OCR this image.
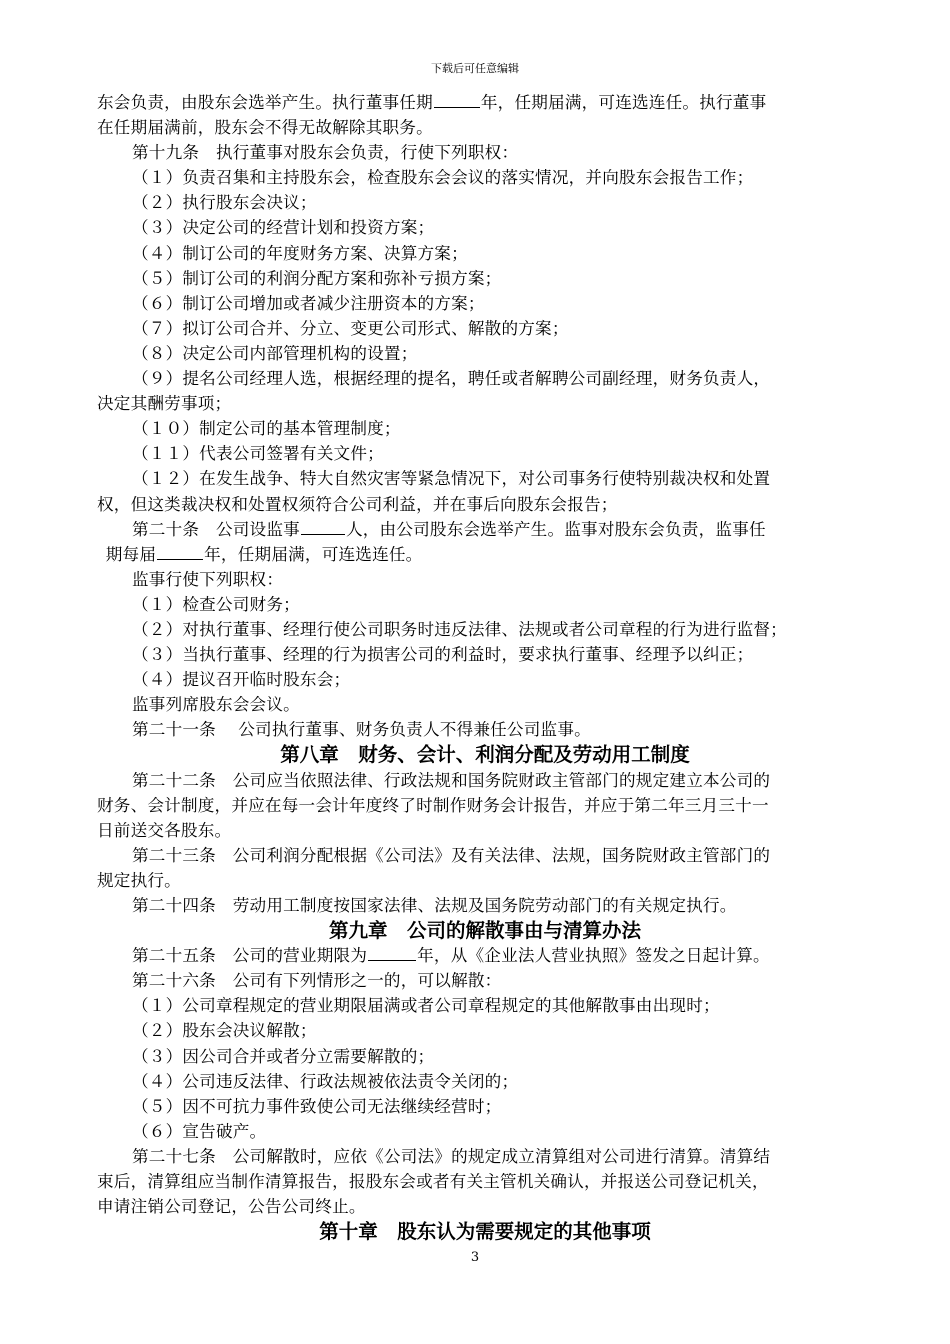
下载后可任意编辑
东会负责，由股东会选举产生。执行董事任期	年，任期届满，可连选连任。执行董事
在任期届满前，股东会不得无故解除其职务。
第十九条　执行董事对股东会负责，行使下列职权：
（１）负责召集和主持股东会，检查股东会会议的落实情况，并向股东会报告工作；
（２）执行股东会决议；
（３）决定公司的经营计划和投资方案；
（４）制订公司的年度财务方案、决算方案；
（５）制订公司的利润分配方案和弥补亏损方案；
（６）制订公司增加或者减少注册资本的方案；
（７）拟订公司合并、分立、变更公司形式、解散的方案；
（８）决定公司内部管理机构的设置；
（９）提名公司经理人选，根据经理的提名，聘任或者解聘公司副经理，财务负责人，
决定其酬劳事项；
（１０）制定公司的基本管理制度；
（１１）代表公司签署有关文件；
（１２）在发生战争、特大自然灾害等紧急情况下，对公司事务行使特别裁决权和处置
权，但这类裁决权和处置权须符合公司利益，并在事后向股东会报告；
第二十条　公司设监事	人，由公司股东会选举产生。监事对股东会负责，监事任
期每届	年，任期届满，可连选连任。
监事行使下列职权：
（１）检查公司财务；
（２）对执行董事、经理行使公司职务时违反法律、法规或者公司章程的行为进行监督；
（３）当执行董事、经理的行为损害公司的利益时，要求执行董事、经理予以纠正；
（４）提议召开临时股东会；
监事列席股东会会议。
第二十一条　 公司执行董事、财务负责人不得兼任公司监事。
第八章　财务、会计、利润分配及劳动用工制度
第二十二条　公司应当依照法律、行政法规和国务院财政主管部门的规定建立本公司的
财务、会计制度，并应在每一会计年度终了时制作财务会计报告，并应于第二年三月三十一
日前送交各股东。
第二十三条　公司利润分配根据《公司法》及有关法律、法规，国务院财政主管部门的
规定执行。
第二十四条　劳动用工制度按国家法律、法规及国务院劳动部门的有关规定执行。
第九章　公司的解散事由与清算办法
第二十五条　公司的营业期限为	年，从《企业法人营业执照》签发之日起计算。
第二十六条　公司有下列情形之一的，可以解散：
（１）公司章程规定的营业期限届满或者公司章程规定的其他解散事由出现时；
（２）股东会决议解散；
（３）因公司合并或者分立需要解散的；
（４）公司违反法律、行政法规被依法责令关闭的；
（５）因不可抗力事件致使公司无法继续经营时；
（６）宣告破产。
第二十七条　公司解散时，应依《公司法》的规定成立清算组对公司进行清算。清算结
束后，清算组应当制作清算报告，报股东会或者有关主管机关确认，并报送公司登记机关，
申请注销公司登记，公告公司终止。
第十章　股东认为需要规定的其他事项
3
